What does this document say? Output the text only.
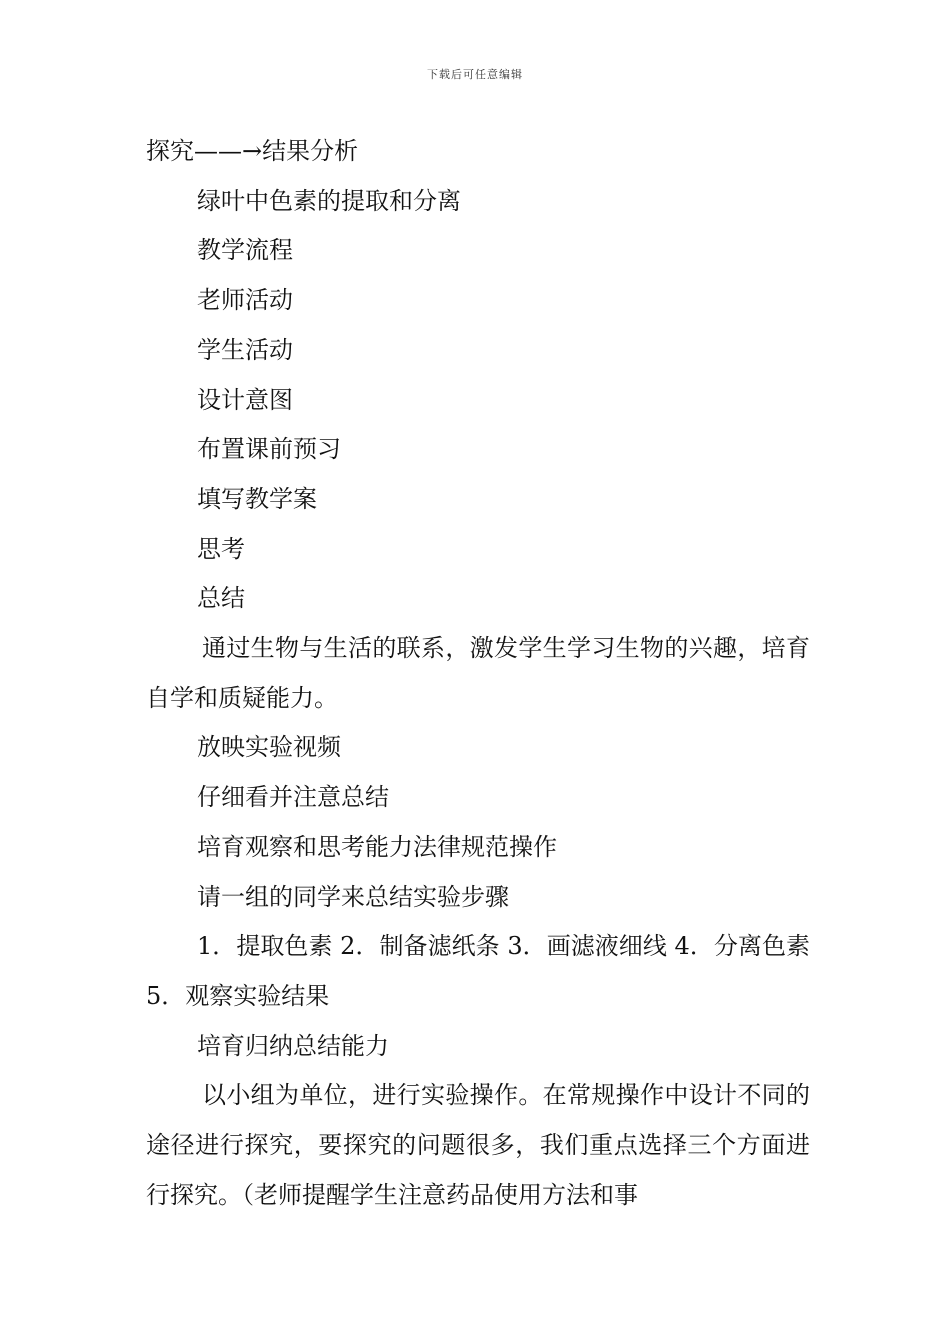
下载后可任意编辑

探究——→结果分析

绿叶中色素的提取和分离

教学流程

老师活动

学生活动

设计意图

布置课前预习

填写教学案

思考

总结

通过生物与生活的联系，激发学生学习生物的兴趣，培育自学和质疑能力。

放映实验视频

仔细看并注意总结

培育观察和思考能力法律规范操作

请一组的同学来总结实验步骤

1．提取色素 2．制备滤纸条 3．画滤液细线 4．分离色素 5．观察实验结果

培育归纳总结能力

以小组为单位，进行实验操作。在常规操作中设计不同的途径进行探究，要探究的问题很多，我们重点选择三个方面进行探究。（老师提醒学生注意药品使用方法和事
